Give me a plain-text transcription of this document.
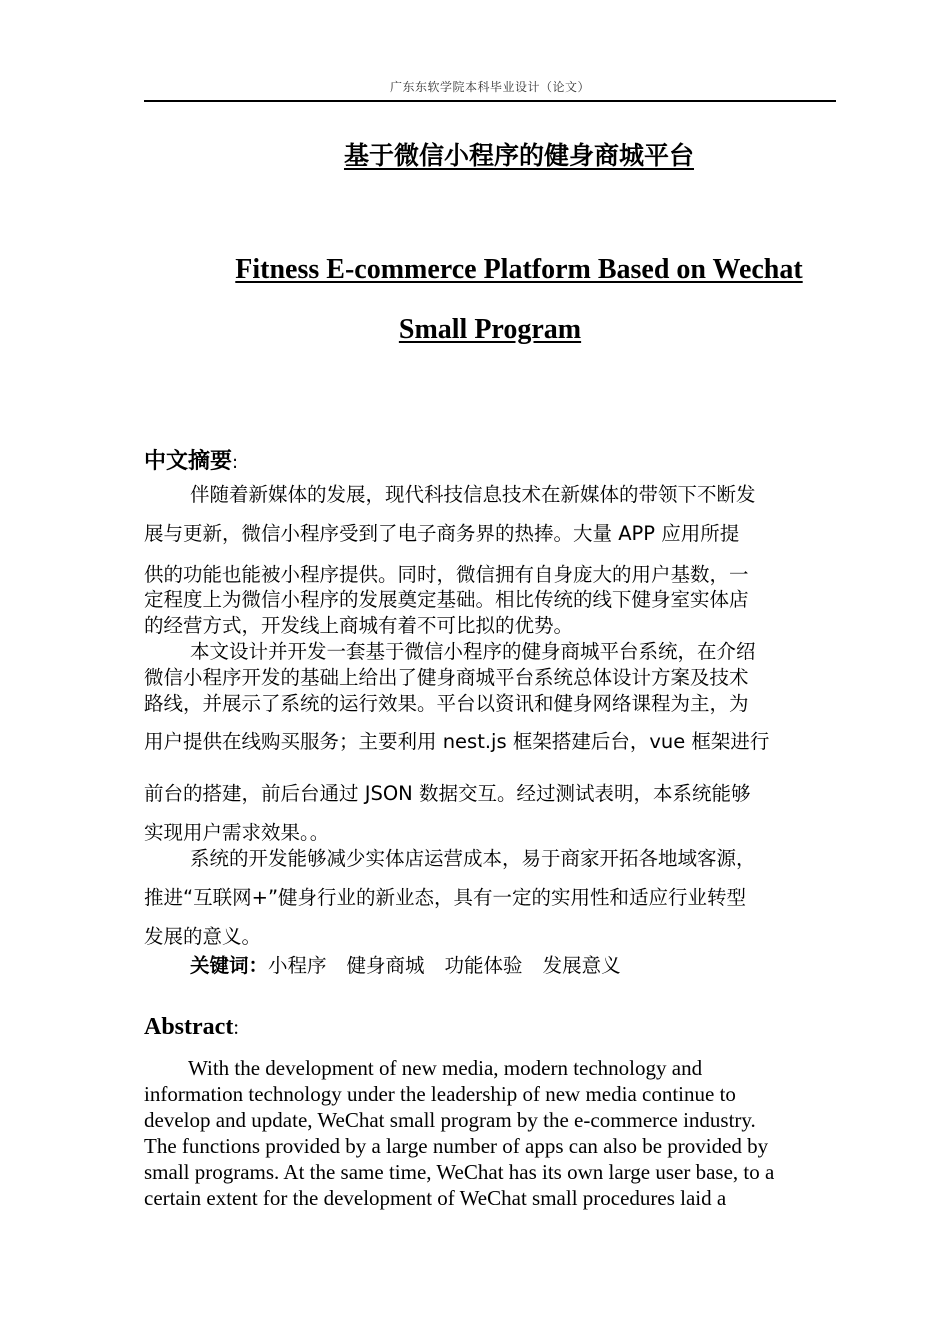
广东东软学院本科毕业设计（论文）
基于微信小程序的健身商城平台
Fitness E-commerce Platform Based on Wechat
Small Program
中文摘要:
伴随着新媒体的发展，现代科技信息技术在新媒体的带领下不断发
展与更新，微信小程序受到了电子商务界的热捧。大量 APP 应用所提
供的功能也能被小程序提供。同时，微信拥有自身庞大的用户基数，一
定程度上为微信小程序的发展奠定基础。相比传统的线下健身室实体店
的经营方式，开发线上商城有着不可比拟的优势。
本文设计并开发一套基于微信小程序的健身商城平台系统，在介绍
微信小程序开发的基础上给出了健身商城平台系统总体设计方案及技术
路线，并展示了系统的运行效果。平台以资讯和健身网络课程为主，为
用户提供在线购买服务；主要利用 nest.js 框架搭建后台，vue 框架进行
前台的搭建，前后台通过 JSON 数据交互。经过测试表明，本系统能够
实现用户需求效果。。
系统的开发能够减少实体店运营成本，易于商家开拓各地域客源，
推进“互联网+”健身行业的新业态，具有一定的实用性和适应行业转型
发展的意义。
关键词：小程序 健身商城 功能体验 发展意义
Abstract:
With the development of new media, modern technology and
information technology under the leadership of new media continue to
develop and update, WeChat small program by the e-commerce industry.
The functions provided by a large number of apps can also be provided by
small programs. At the same time, WeChat has its own large user base, to a
certain extent for the development of WeChat small procedures laid a
